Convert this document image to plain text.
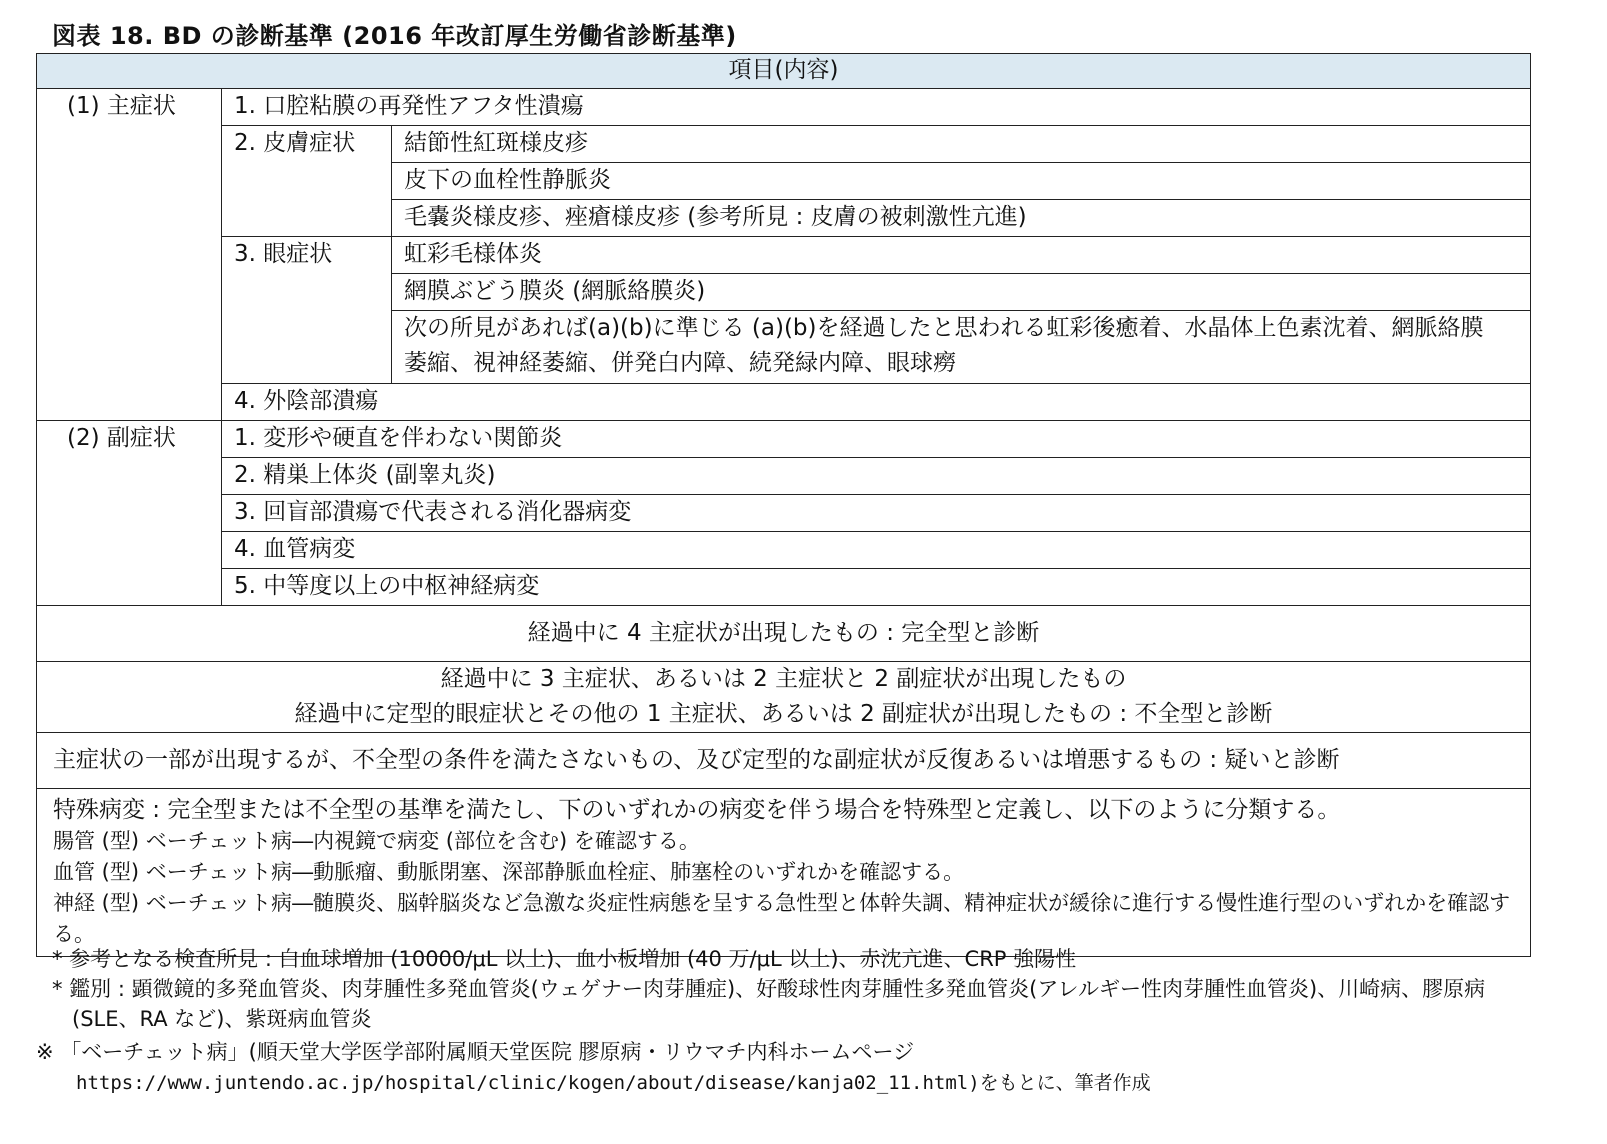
図表 18. BD の診断基準 (2016 年改訂厚生労働省診断基準)
項目(内容)		
(1) 主症状	1. 口腔粘膜の再発性アフタ性潰瘍	
	2. 皮膚症状	結節性紅斑様皮疹
		皮下の血栓性静脈炎
		毛嚢炎様皮疹、痤瘡様皮疹 (参考所見 : 皮膚の被刺激性亢進)
	3. 眼症状	虹彩毛様体炎
		網膜ぶどう膜炎 (網脈絡膜炎)
		次の所見があれば(a)(b)に準じる (a)(b)を経過したと思われる虹彩後癒着、水晶体上色素沈着、網脈絡膜萎縮、視神経萎縮、併発白内障、続発緑内障、眼球癆
	4. 外陰部潰瘍	
(2) 副症状	1. 変形や硬直を伴わない関節炎	
	2. 精巣上体炎 (副睾丸炎)	
	3. 回盲部潰瘍で代表される消化器病変	
	4. 血管病変	
	5. 中等度以上の中枢神経病変	
経過中に 4 主症状が出現したもの : 完全型と診断		

経過中に 3 主症状、あるいは 2 主症状と 2 副症状が出現したもの
経過中に定型的眼症状とその他の 1 主症状、あるいは 2 副症状が出現したもの : 不全型と診断		

主症状の一部が出現するが、不全型の条件を満たさないもの、及び定型的な副症状が反復あるいは増悪するもの : 疑いと診断		

特殊病変 : 完全型または不全型の基準を満たし、下のいずれかの病変を伴う場合を特殊型と定義し、以下のように分類する。
腸管 (型) ベーチェット病―内視鏡で病変 (部位を含む) を確認する。
血管 (型) ベーチェット病―動脈瘤、動脈閉塞、深部静脈血栓症、肺塞栓のいずれかを確認する。
神経 (型) ベーチェット病―髄膜炎、脳幹脳炎など急激な炎症性病態を呈する急性型と体幹失調、精神症状が緩徐に進行する慢性進行型のいずれかを確認する。		
* 参考となる検査所見 : 白血球増加 (10000/μL 以上)、血小板増加 (40 万/μL 以上)、赤沈亢進、CRP 強陽性
* 鑑別 : 顕微鏡的多発血管炎、肉芽腫性多発血管炎(ウェゲナー肉芽腫症)、好酸球性肉芽腫性多発血管炎(アレルギー性肉芽腫性血管炎)、川崎病、膠原病(SLE、RA など)、紫斑病血管炎
※ 「ベーチェット病」(順天堂大学医学部附属順天堂医院 膠原病・リウマチ内科ホームページ
https://www.juntendo.ac.jp/hospital/clinic/kogen/about/disease/kanja02_11.html)をもとに、筆者作成
